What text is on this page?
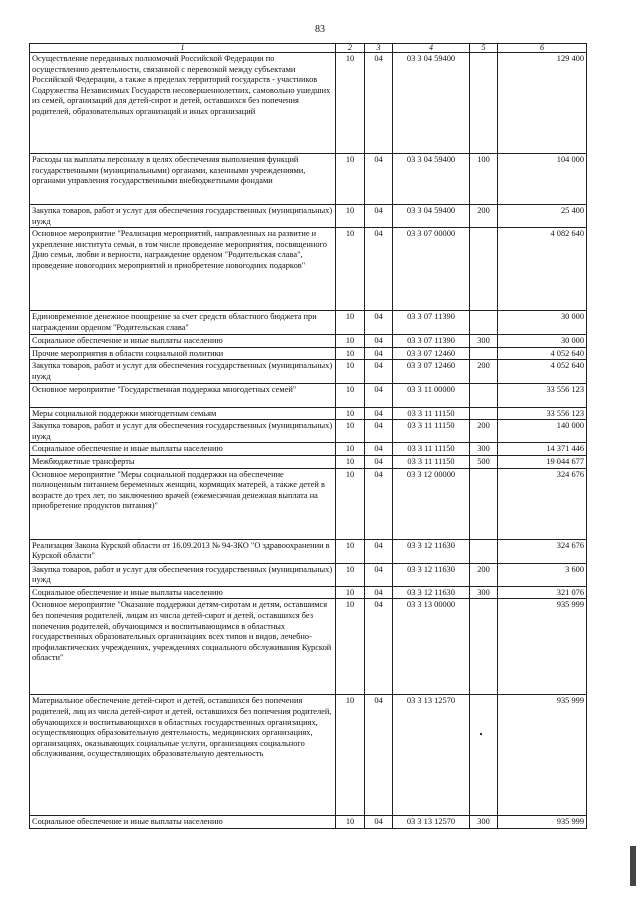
83
1	2	3	4	5	6
Осуществление переданных полномочий Российской Федерации по осуществлению деятельности, связанной с перевозкой между субъектами Российской Федерации, а также в пределах территорий государств - участников Содружества Независимых Государств несовершеннолетних, самовольно ушедших из семей, организаций для детей-сирот и детей, оставшихся без попечения родителей, образовательных организаций и иных организаций	10	04	03 3 04 59400		129 400
Расходы на выплаты персоналу в целях обеспечения выполнения функций государственными (муниципальными) органами, казенными учреждениями, органами управления государственными внебюджетными фондами	10	04	03 3 04 59400	100	104 000
Закупка товаров, работ и услуг для обеспечения государственных (муниципальных) нужд	10	04	03 3 04 59400	200	25 400
Основное мероприятие "Реализация мероприятий, направленных на развитие и укрепление института семьи, в том числе проведение мероприятия, посвященного Дню семьи, любви и верности, награждение орденом "Родительская слава", проведение новогодних мероприятий и приобретение новогодних подарков"	10	04	03 3 07 00000		4 082 640
Единовременное денежное поощрение за счет средств областного бюджета при награждении орденом "Родительская слава"	10	04	03 3 07 11390		30 000
Социальное обеспечение и иные выплаты населению	10	04	03 3 07 11390	300	30 000
Прочие мероприятия в области социальной политики	10	04	03 3 07 12460		4 052 640
Закупка товаров, работ и услуг для обеспечения государственных (муниципальных) нужд	10	04	03 3 07 12460	200	4 052 640
Основное мероприятие "Государственная поддержка многодетных семей"	10	04	03 3 11 00000		33 556 123
Меры социальной поддержки многодетным семьям	10	04	03 3 11 11150		33 556 123
Закупка товаров, работ и услуг для обеспечения государственных (муниципальных) нужд	10	04	03 3 11 11150	200	140 000
Социальное обеспечение и иные выплаты населению	10	04	03 3 11 11150	300	14 371 446
Межбюджетные трансферты	10	04	03 3 11 11150	500	19 044 677
Основное мероприятие "Меры социальной поддержки на обеспечение полноценным питанием беременных женщин, кормящих матерей, а также детей в возрасте до трех лет, по заключению врачей (ежемесячная денежная выплата на приобретение продуктов питания)"	10	04	03 3 12 00000		324 676
Реализация Закона Курской области от 16.09.2013 № 94-ЗКО "О здравоохранении в Курской области"	10	04	03 3 12 11630		324 676
Закупка товаров, работ и услуг для обеспечения государственных (муниципальных) нужд	10	04	03 3 12 11630	200	3 600
Социальное обеспечение и иные выплаты населению	10	04	03 3 12 11630	300	321 076
Основное мероприятие "Оказание поддержки детям-сиротам и детям, оставшимся без попечения родителей, лицам из числа детей-сирот и детей, оставшихся без попечения родителей, обучающимся и воспитывающимся в областных государственных образовательных организациях всех типов и видов, лечебно-профилактических учреждениях, учреждениях социального обслуживания Курской области"	10	04	03 3 13 00000		935 999
Материальное обеспечение детей-сирот и детей, оставшихся без попечения родителей, лиц из числа детей-сирот и детей, оставшихся без попечения родителей, обучающихся и воспитывающихся в областных государственных организациях, осуществляющих образовательную деятельность, медицинских организациях, организациях, оказывающих социальные услуги, организациях социального обслуживания, осуществляющих образовательную деятельность	10	04	03 3 13 12570		935 999
Социальное обеспечение и иные выплаты населению	10	04	03 3 13 12570	300	935 999
